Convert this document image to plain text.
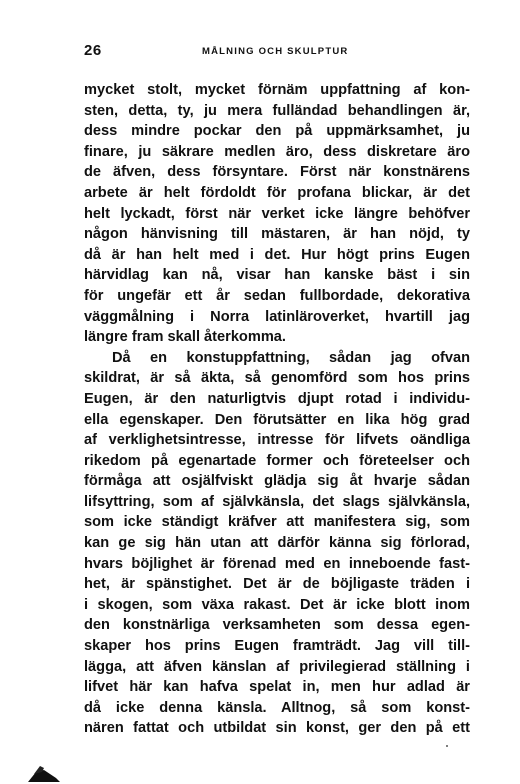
26	MÅLNING OCH SKULPTUR
mycket stolt, mycket förnäm uppfattning af kon-
sten, detta, ty, ju mera fulländad behandlingen är,
dess mindre pockar den på uppmärksamhet, ju
finare, ju säkrare medlen äro, dess diskretare äro
de äfven, dess försyntare. Först när konstnärens
arbete är helt fördoldt för profana blickar, är det
helt lyckadt, först när verket icke längre behöfver
någon hänvisning till mästaren, är han nöjd, ty
då är han helt med i det. Hur högt prins Eugen
härvidlag kan nå, visar han kanske bäst i sin
för ungefär ett år sedan fullbordade, dekorativa
väggmålning i Norra latinläroverket, hvartill jag
längre fram skall återkomma.
Då en konstuppfattning, sådan jag ofvan
skildrat, är så äkta, så genomförd som hos prins
Eugen, är den naturligtvis djupt rotad i individu-
ella egenskaper. Den förutsätter en lika hög grad
af verklighetsintresse, intresse för lifvets oändliga
rikedom på egenartade former och företeelser och
förmåga att osjälfviskt glädja sig åt hvarje sådan
lifsyttring, som af självkänsla, det slags självkänsla,
som icke ständigt kräfver att manifestera sig, som
kan ge sig hän utan att därför känna sig förlorad,
hvars böjlighet är förenad med en inneboende fast-
het, är spänstighet. Det är de böjligaste träden i
i skogen, som växa rakast. Det är icke blott inom
den konstnärliga verksamheten som dessa egen-
skaper hos prins Eugen framträdt. Jag vill till-
lägga, att äfven känslan af privilegierad ställning i
lifvet här kan hafva spelat in, men hur adlad är
då icke denna känsla. Alltnog, så som konst-
nären fattat och utbildat sin konst, ger den på ett
